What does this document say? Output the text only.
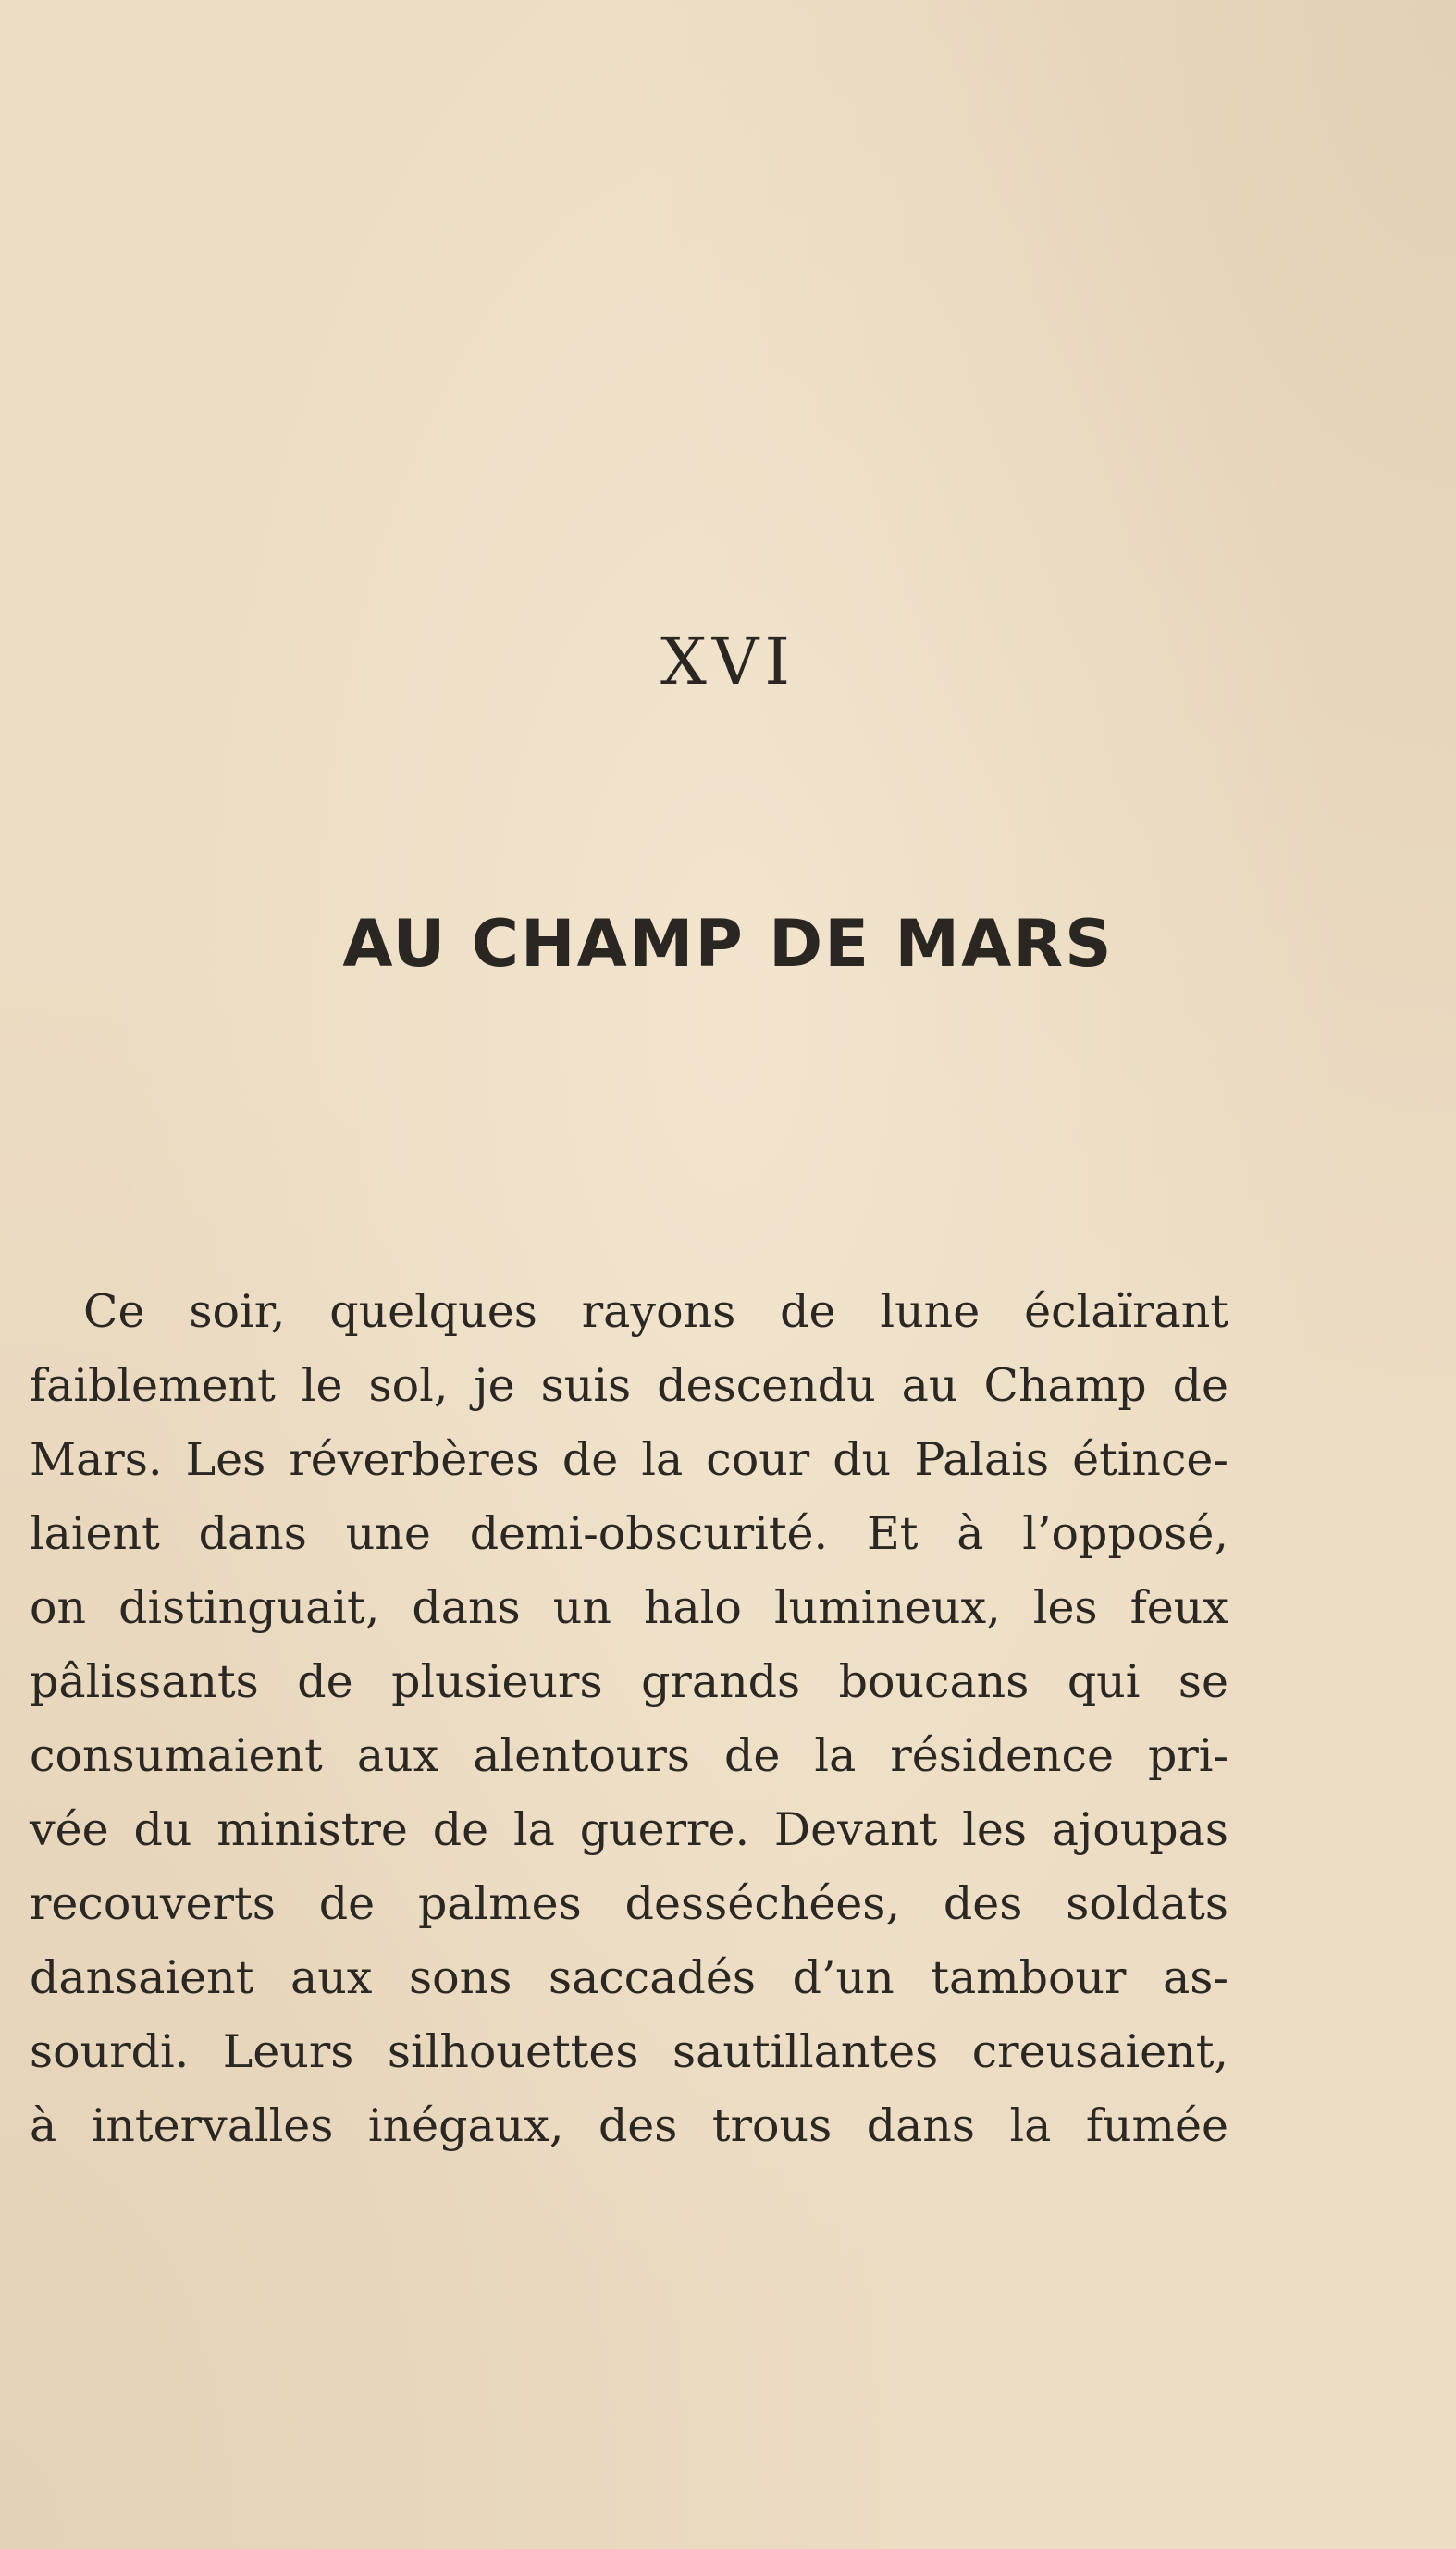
XVI
AU CHAMP DE MARS
Ce soir, quelques rayons de lune éclaïrant
faiblement le sol, je suis descendu au Champ de
Mars. Les réverbères de la cour du Palais étince-
laient dans une demi-obscurité. Et à l’opposé,
on distinguait, dans un halo lumineux, les feux
pâlissants de plusieurs grands boucans qui se
consumaient aux alentours de la résidence pri-
vée du ministre de la guerre. Devant les ajoupas
recouverts de palmes desséchées, des soldats
dansaient aux sons saccadés d’un tambour as-
sourdi. Leurs silhouettes sautillantes creusaient,
à intervalles inégaux, des trous dans la fumée
